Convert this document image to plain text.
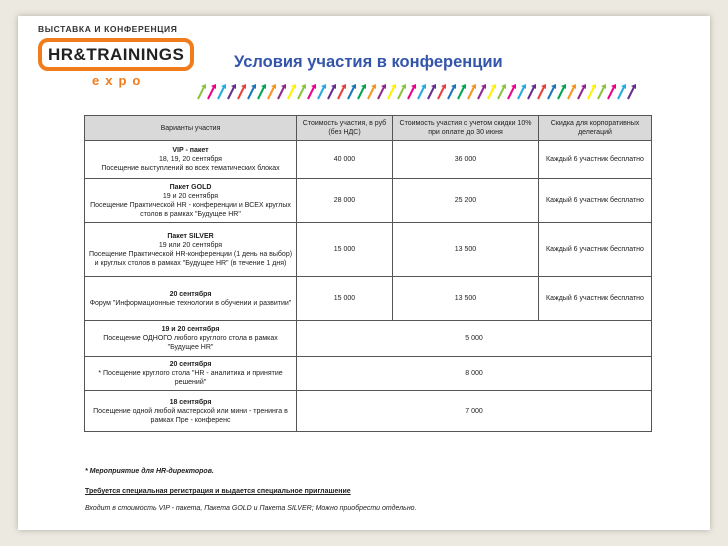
ВЫСТАВКА И КОНФЕРЕНЦИЯ
HR&TRAININGS
expo
Условия участия в конференции
Варианты участия	Стоимость участия, в руб (без НДС)	Стоимость участия с учетом скидки 10% при оплате до 30 июня	Скидка для корпоративных делегаций

VIP - пакет
18, 19, 20 сентября
Посещение выступлений во всех тематических блоках	40 000	36 000	Каждый 6 участник бесплатно

Пакет GOLD
19 и 20 сентября
Посещение Практической HR - конференции и ВСЕХ круглых столов в рамках "Будущее HR"	28 000	25 200	Каждый 6 участник бесплатно

Пакет SILVER
19 или 20 сентября
Посещение Практической HR-конференции (1 день на выбор) и круглых столов в рамках "Будущее HR" (в течение 1 дня)	15 000	13 500	Каждый 6 участник бесплатно

20 сентября
Форум "Информационные технологии в обучении и развитии"	15 000	13 500	Каждый 6 участник бесплатно

19 и 20 сентября
Посещение ОДНОГО любого круглого стола в рамках "Будущее HR"	5 000		

20 сентября
* Посещение круглого стола "HR - аналитика и принятие решений"	8 000		

18 сентября
Посещение одной любой мастерской или мини - тренинга в рамках Пре - конференс	7 000		
* Мероприятие для HR-директоров.
Требуется специальная регистрация и выдается специальное приглашение
Входит в стоимость VIP - пакета, Пакета GOLD и Пакета SILVER; Можно приобрести отдельно.
